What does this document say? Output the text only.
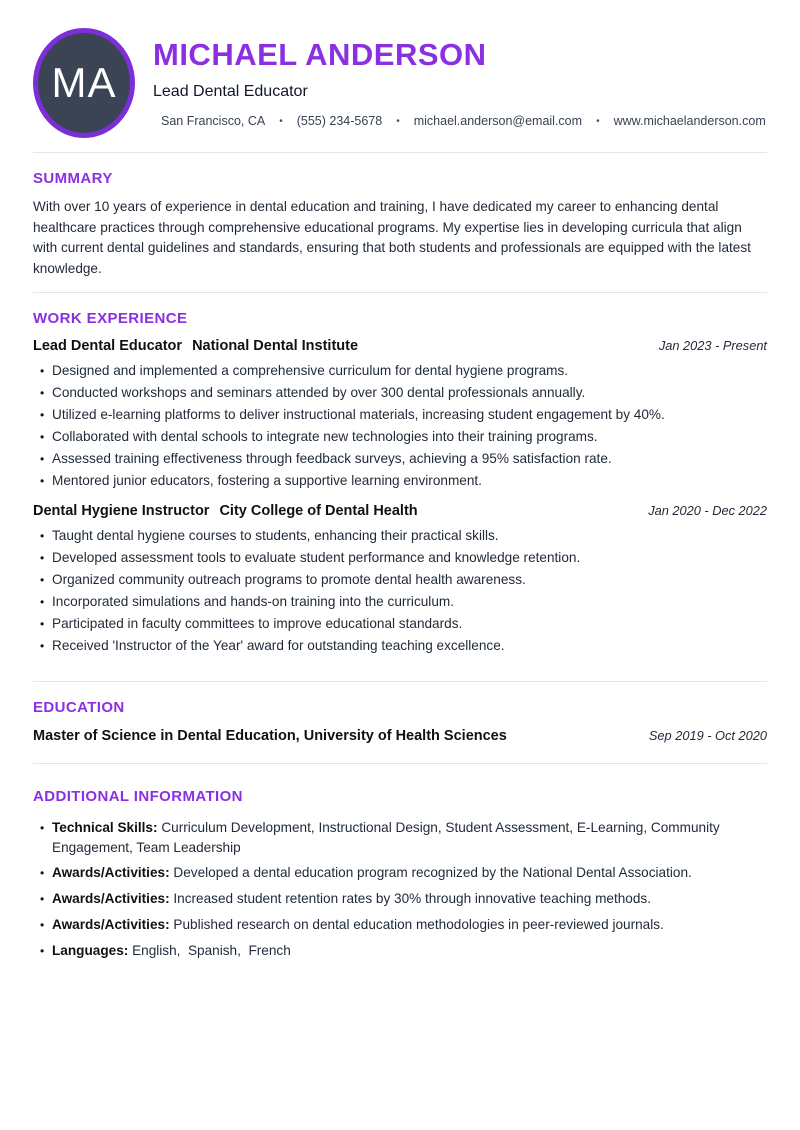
MA
MICHAEL ANDERSON
Lead Dental Educator
San Francisco, CA • (555) 234-5678 • michael.anderson@email.com • www.michaelanderson.com
SUMMARY

With over 10 years of experience in dental education and training, I have dedicated my career to enhancing dental healthcare practices through comprehensive educational programs. My expertise lies in developing curricula that align with current dental guidelines and standards, ensuring that both students and professionals are equipped with the latest knowledge.

WORK EXPERIENCE
Lead Dental Educator National Dental Institute	Jan 2023 - Present
• Designed and implemented a comprehensive curriculum for dental hygiene programs.
• Conducted workshops and seminars attended by over 300 dental professionals annually.
• Utilized e-learning platforms to deliver instructional materials, increasing student engagement by 40%.
• Collaborated with dental schools to integrate new technologies into their training programs.
• Assessed training effectiveness through feedback surveys, achieving a 95% satisfaction rate.
• Mentored junior educators, fostering a supportive learning environment.
Dental Hygiene Instructor City College of Dental Health	Jan 2020 - Dec 2022
• Taught dental hygiene courses to students, enhancing their practical skills.
• Developed assessment tools to evaluate student performance and knowledge retention.
• Organized community outreach programs to promote dental health awareness.
• Incorporated simulations and hands-on training into the curriculum.
• Participated in faculty committees to improve educational standards.
• Received 'Instructor of the Year' award for outstanding teaching excellence.
EDUCATION
Master of Science in Dental Education, University of Health Sciences	Sep 2019 - Oct 2020
ADDITIONAL INFORMATION
• Technical Skills: Curriculum Development, Instructional Design, Student Assessment, E-Learning, Community Engagement, Team Leadership
• Awards/Activities: Developed a dental education program recognized by the National Dental Association.
• Awards/Activities: Increased student retention rates by 30% through innovative teaching methods.
• Awards/Activities: Published research on dental education methodologies in peer-reviewed journals.
• Languages: English,  Spanish,  French
